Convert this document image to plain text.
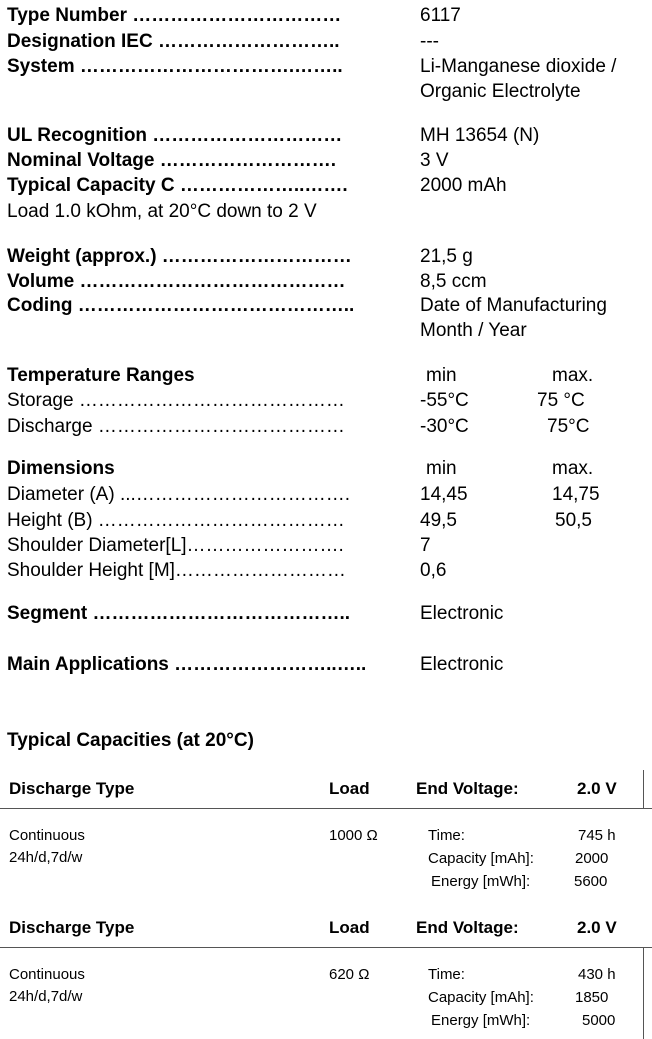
Type Number ……………………………	6117
Designation IEC ………………………..	---
System …………………………….……..	Li-Manganese dioxide /
Organic Electrolyte
UL Recognition …………………………	MH 13654 (N)
Nominal Voltage ……………………….	3 V
Typical Capacity C ………………..…….	2000 mAh
Load 1.0 kOhm, at 20°C down to 2 V
Weight (approx.) …………………………	21,5 g
Volume ……………………………………	8,5 ccm
Coding ……………………………………..	Date of Manufacturing
Month / Year
Temperature Ranges	min	max.
Storage ……………………………………	-55°C	75 °C
Discharge …………………………………	-30°C	75°C
Dimensions	min	max.
Diameter (A) ...…………………………….	14,45	14,75
Height (B) …………………………………	49,5	50,5
Shoulder Diameter[L]…………………….	7
Shoulder Height [M]………………………	0,6
Segment …………………………………..	Electronic
Main Applications ……………………..…..	Electronic
Typical Capacities (at 20°C)
Discharge Type	Load	End Voltage:	2.0 V
Continuous
24h/d,7d/w
1000 Ω	Time:	745 h
Capacity [mAh]:	2000
Energy [mWh]:	5600
Discharge Type	Load	End Voltage:	2.0 V
Continuous
24h/d,7d/w
620 Ω	Time:	430 h
Capacity [mAh]:	1850
Energy [mWh]:	5000
